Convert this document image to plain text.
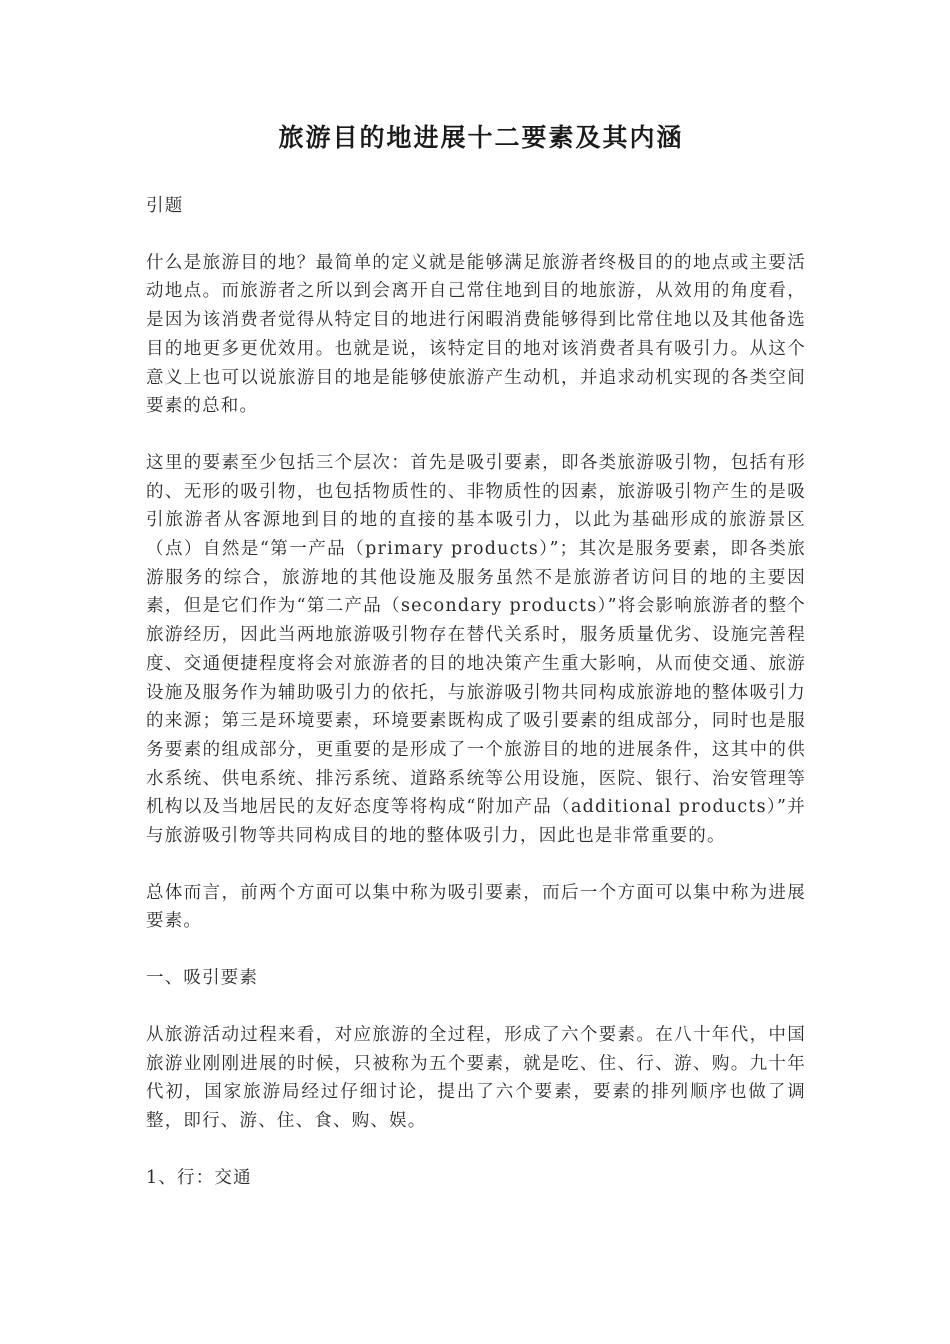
旅游目的地进展十二要素及其内涵

引题

什么是旅游目的地？最简单的定义就是能够满足旅游者终极目的的地点或主要活动地点。而旅游者之所以到会离开自己常住地到目的地旅游，从效用的角度看，是因为该消费者觉得从特定目的地进行闲暇消费能够得到比常住地以及其他备选目的地更多更优效用。也就是说，该特定目的地对该消费者具有吸引力。从这个意义上也可以说旅游目的地是能够使旅游产生动机，并追求动机实现的各类空间要素的总和。

这里的要素至少包括三个层次：首先是吸引要素，即各类旅游吸引物，包括有形的、无形的吸引物，也包括物质性的、非物质性的因素，旅游吸引物产生的是吸引旅游者从客源地到目的地的直接的基本吸引力，以此为基础形成的旅游景区（点）自然是“第一产品（primary products）”；其次是服务要素，即各类旅游服务的综合，旅游地的其他设施及服务虽然不是旅游者访问目的地的主要因素，但是它们作为“第二产品（secondary products）”将会影响旅游者的整个旅游经历，因此当两地旅游吸引物存在替代关系时，服务质量优劣、设施完善程度、交通便捷程度将会对旅游者的目的地决策产生重大影响，从而使交通、旅游设施及服务作为辅助吸引力的依托，与旅游吸引物共同构成旅游地的整体吸引力的来源；第三是环境要素，环境要素既构成了吸引要素的组成部分，同时也是服务要素的组成部分，更重要的是形成了一个旅游目的地的进展条件，这其中的供水系统、供电系统、排污系统、道路系统等公用设施，医院、银行、治安管理等机构以及当地居民的友好态度等将构成“附加产品（additional products）”并与旅游吸引物等共同构成目的地的整体吸引力，因此也是非常重要的。

总体而言，前两个方面可以集中称为吸引要素，而后一个方面可以集中称为进展要素。

一、吸引要素

从旅游活动过程来看，对应旅游的全过程，形成了六个要素。在八十年代，中国旅游业刚刚进展的时候，只被称为五个要素，就是吃、住、行、游、购。九十年代初，国家旅游局经过仔细讨论，提出了六个要素，要素的排列顺序也做了调整，即行、游、住、食、购、娱。

1、行：交通
